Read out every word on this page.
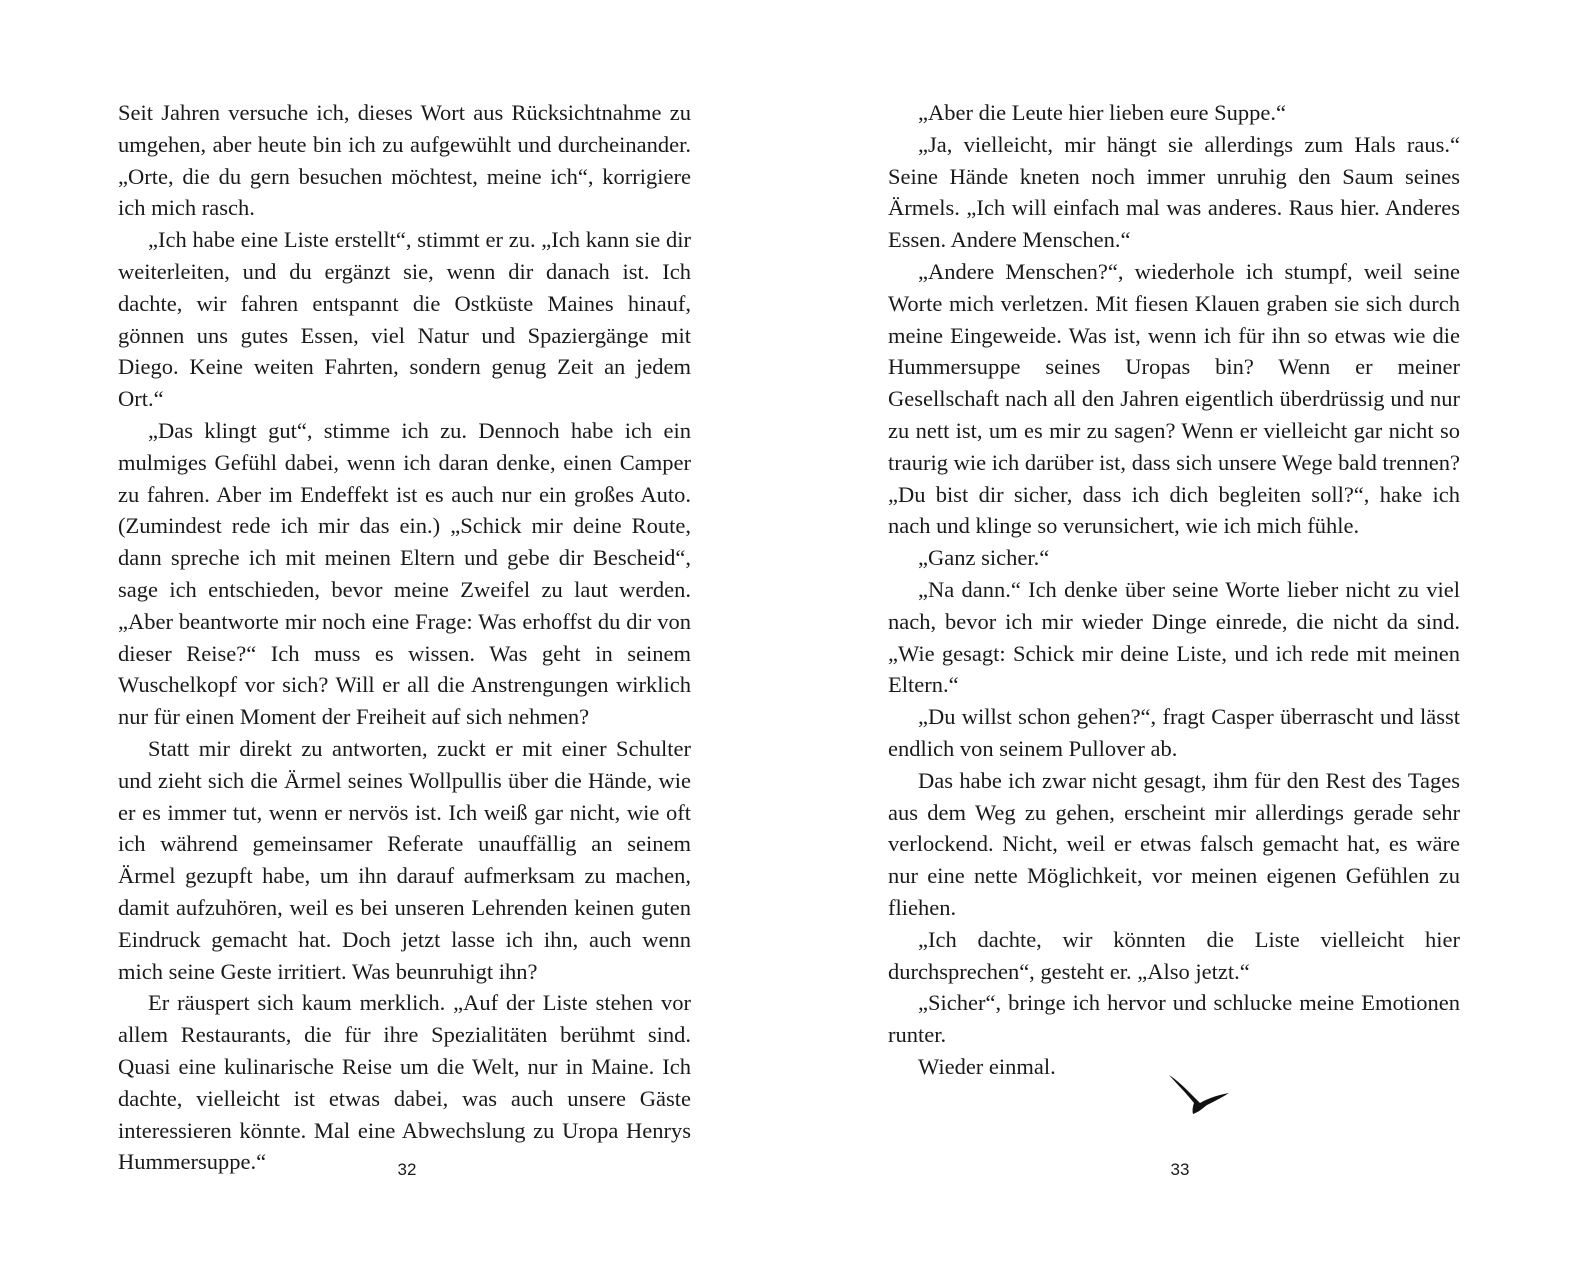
Seit Jahren versuche ich, dieses Wort aus Rücksichtnahme zu umgehen, aber heute bin ich zu aufgewühlt und durcheinander. „Orte, die du gern besuchen möchtest, meine ich“, korrigiere ich mich rasch.

„Ich habe eine Liste erstellt“, stimmt er zu. „Ich kann sie dir weiterleiten, und du ergänzt sie, wenn dir danach ist. Ich dachte, wir fahren entspannt die Ostküste Maines hinauf, gönnen uns gutes Essen, viel Natur und Spaziergänge mit Diego. Keine weiten Fahrten, sondern genug Zeit an jedem Ort.“

„Das klingt gut“, stimme ich zu. Dennoch habe ich ein mulmiges Gefühl dabei, wenn ich daran denke, einen Camper zu fahren. Aber im Endeffekt ist es auch nur ein großes Auto. (Zumindest rede ich mir das ein.) „Schick mir deine Route, dann spreche ich mit meinen Eltern und gebe dir Bescheid“, sage ich entschieden, bevor meine Zweifel zu laut werden. „Aber beantworte mir noch eine Frage: Was erhoffst du dir von dieser Reise?“ Ich muss es wissen. Was geht in seinem Wuschelkopf vor sich? Will er all die Anstrengungen wirklich nur für einen Moment der Freiheit auf sich nehmen?

Statt mir direkt zu antworten, zuckt er mit einer Schulter und zieht sich die Ärmel seines Wollpullis über die Hände, wie er es immer tut, wenn er nervös ist. Ich weiß gar nicht, wie oft ich während gemeinsamer Referate unauffällig an seinem Ärmel gezupft habe, um ihn darauf aufmerksam zu machen, damit aufzuhören, weil es bei unseren Lehrenden keinen guten Eindruck gemacht hat. Doch jetzt lasse ich ihn, auch wenn mich seine Geste irritiert. Was beunruhigt ihn?

Er räuspert sich kaum merklich. „Auf der Liste stehen vor allem Restaurants, die für ihre Spezialitäten berühmt sind. Quasi eine kulinarische Reise um die Welt, nur in Maine. Ich dachte, vielleicht ist etwas dabei, was auch unsere Gäste interessieren könnte. Mal eine Abwechslung zu Uropa Henrys Hummersuppe.“	32

„Aber die Leute hier lieben eure Suppe.“

„Ja, vielleicht, mir hängt sie allerdings zum Hals raus.“ Seine Hände kneten noch immer unruhig den Saum seines Ärmels. „Ich will einfach mal was anderes. Raus hier. Anderes Essen. Andere Menschen.“

„Andere Menschen?“, wiederhole ich stumpf, weil seine Worte mich verletzen. Mit fiesen Klauen graben sie sich durch meine Eingeweide. Was ist, wenn ich für ihn so etwas wie die Hummersuppe seines Uropas bin? Wenn er meiner Gesellschaft nach all den Jahren eigentlich überdrüssig und nur zu nett ist, um es mir zu sagen? Wenn er vielleicht gar nicht so traurig wie ich darüber ist, dass sich unsere Wege bald trennen? „Du bist dir sicher, dass ich dich begleiten soll?“, hake ich nach und klinge so verunsichert, wie ich mich fühle.

„Ganz sicher.“

„Na dann.“ Ich denke über seine Worte lieber nicht zu viel nach, bevor ich mir wieder Dinge einrede, die nicht da sind. „Wie gesagt: Schick mir deine Liste, und ich rede mit meinen Eltern.“

„Du willst schon gehen?“, fragt Casper überrascht und lässt endlich von seinem Pullover ab.

Das habe ich zwar nicht gesagt, ihm für den Rest des Tages aus dem Weg zu gehen, erscheint mir allerdings gerade sehr verlockend. Nicht, weil er etwas falsch gemacht hat, es wäre nur eine nette Möglichkeit, vor meinen eigenen Gefühlen zu fliehen.

„Ich dachte, wir könnten die Liste vielleicht hier durchsprechen“, gesteht er. „Also jetzt.“

„Sicher“, bringe ich hervor und schlucke meine Emotionen runter.

Wieder einmal.

33
